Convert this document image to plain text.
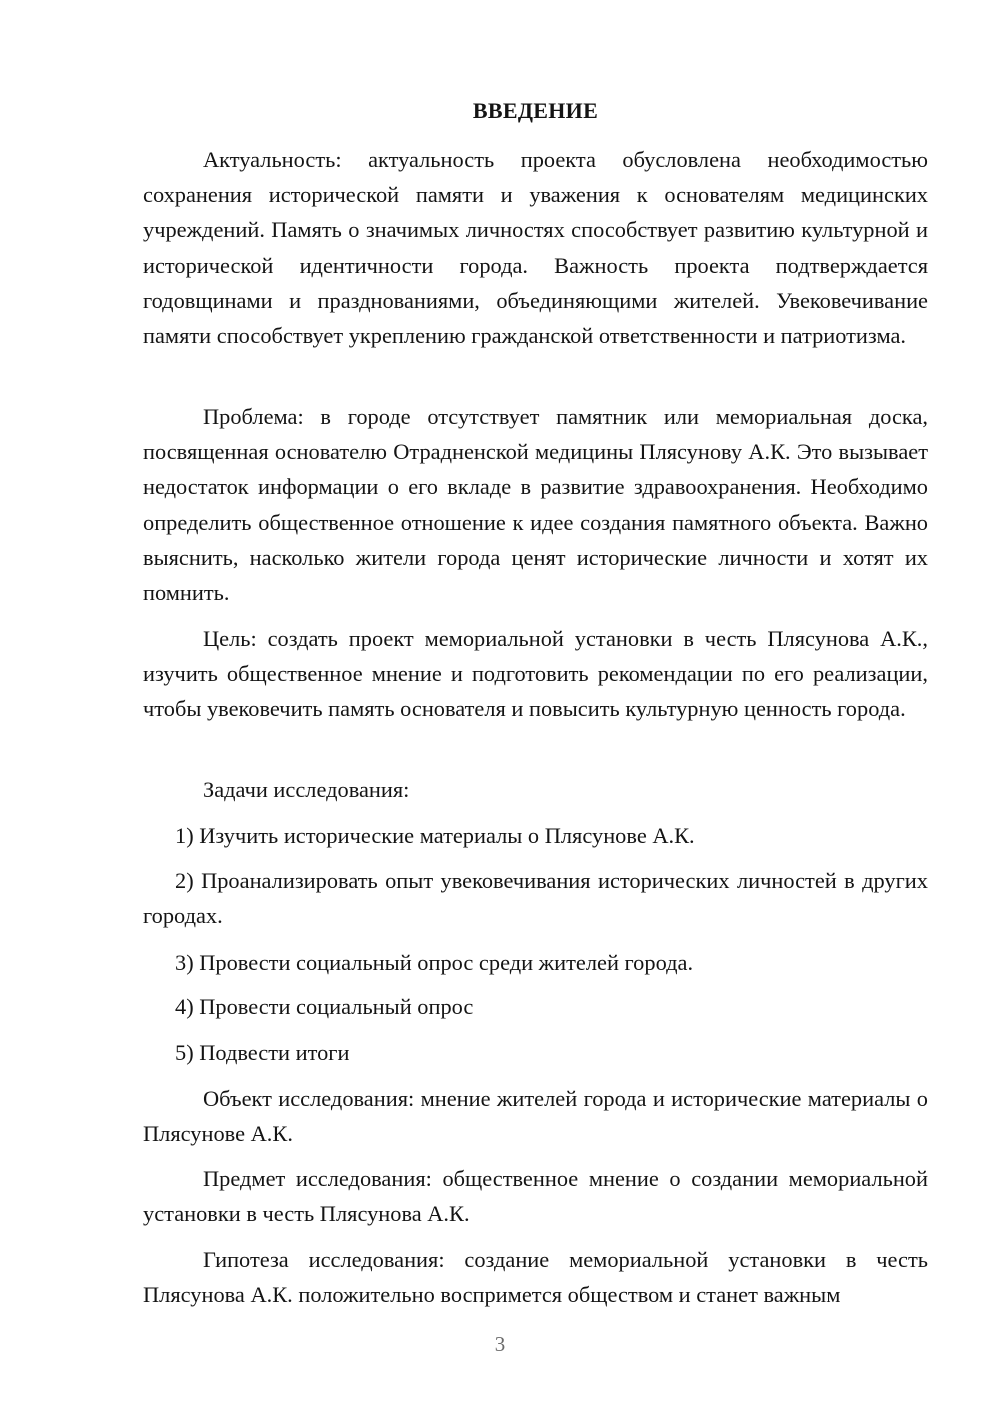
ВВЕДЕНИЕ

Актуальность: актуальность проекта обусловлена необходимостью сохранения исторической памяти и уважения к основателям медицинских учреждений. Память о значимых личностях способствует развитию культурной и исторической идентичности города. Важность проекта подтверждается годовщинами и празднованиями, объединяющими жителей. Увековечивание памяти способствует укреплению гражданской ответственности и патриотизма.

Проблема: в городе отсутствует памятник или мемориальная доска, посвященная основателю Отрадненской медицины Плясунову А.К. Это вызывает недостаток информации о его вкладе в развитие здравоохранения. Необходимо определить общественное отношение к идее создания памятного объекта. Важно выяснить, насколько жители города ценят исторические личности и хотят их помнить.

Цель: создать проект мемориальной установки в честь Плясунова А.К., изучить общественное мнение и подготовить рекомендации по его реализации, чтобы увековечить память основателя и повысить культурную ценность города.

Задачи исследования:

1) Изучить исторические материалы о Плясунове А.К.

2) Проанализировать опыт увековечивания исторических личностей в других городах.

3) Провести социальный опрос среди жителей города.

4) Провести социальный опрос

5) Подвести итоги

Объект исследования: мнение жителей города и исторические материалы о Плясунове А.К.

Предмет исследования: общественное мнение о создании мемориальной установки в честь Плясунова А.К.

Гипотеза исследования: создание мемориальной установки в честь Плясунова А.К. положительно воспримется обществом и станет важным

3
